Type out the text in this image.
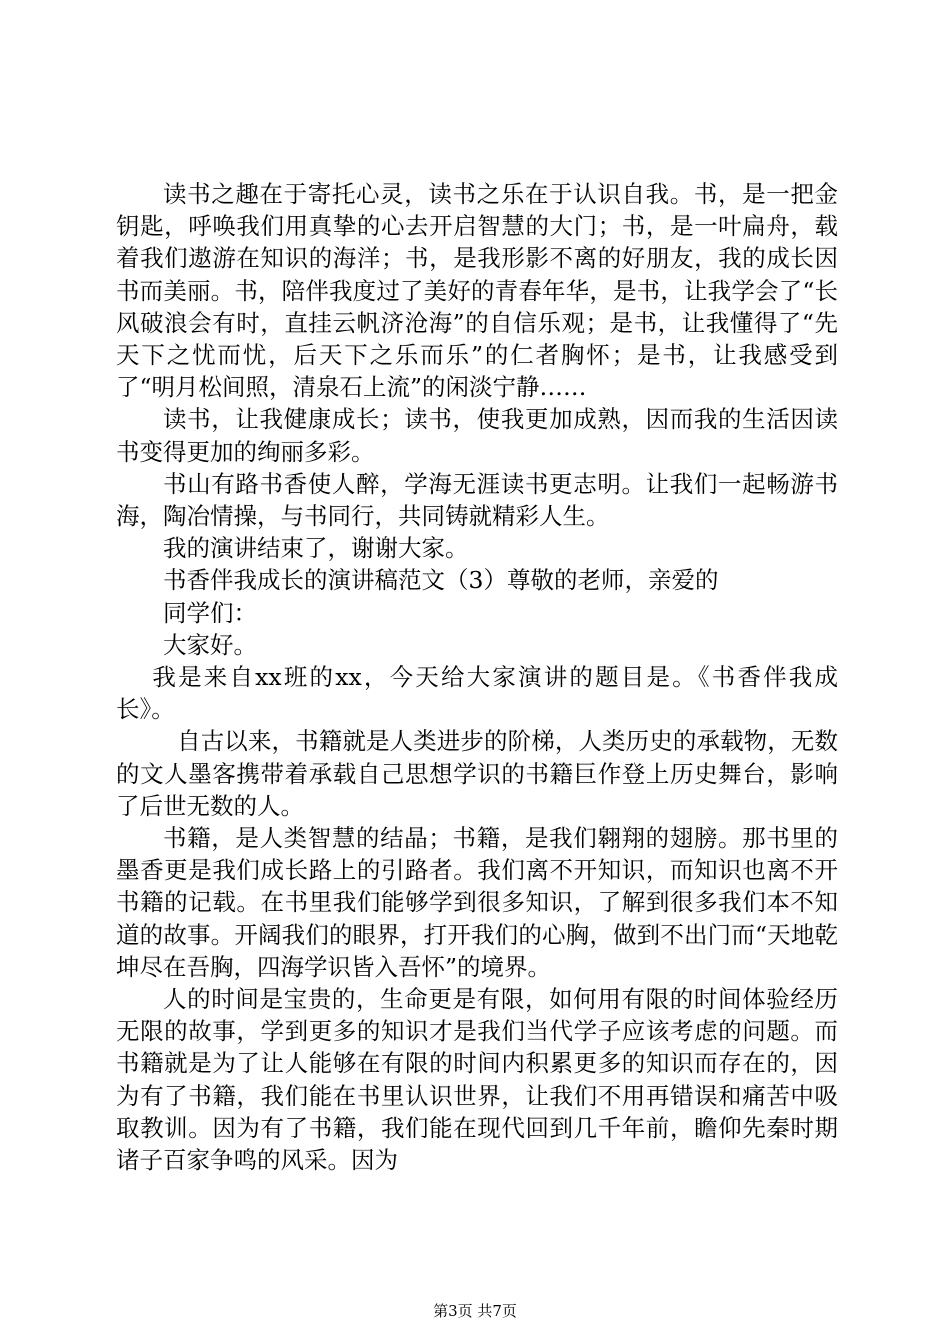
读书之趣在于寄托心灵，读书之乐在于认识自我。书，是一把金钥匙，呼唤我们用真挚的心去开启智慧的大门；书，是一叶扁舟，载着我们遨游在知识的海洋；书，是我形影不离的好朋友，我的成长因书而美丽。书，陪伴我度过了美好的青春年华，是书，让我学会了“长风破浪会有时，直挂云帆济沧海”的自信乐观；是书，让我懂得了“先天下之忧而忧，后天下之乐而乐”的仁者胸怀；是书，让我感受到了“明月松间照，清泉石上流”的闲淡宁静……

读书，让我健康成长；读书，使我更加成熟，因而我的生活因读书变得更加的绚丽多彩。

书山有路书香使人醉，学海无涯读书更志明。让我们一起畅游书海，陶冶情操，与书同行，共同铸就精彩人生。

我的演讲结束了，谢谢大家。

书香伴我成长的演讲稿范文（3）尊敬的老师，亲爱的

同学们：

大家好。

我是来自xx班的xx，今天给大家演讲的题目是。《书香伴我成长》。

自古以来，书籍就是人类进步的阶梯，人类历史的承载物，无数的文人墨客携带着承载自己思想学识的书籍巨作登上历史舞台，影响了后世无数的人。

书籍，是人类智慧的结晶；书籍，是我们翱翔的翅膀。那书里的墨香更是我们成长路上的引路者。我们离不开知识，而知识也离不开书籍的记载。在书里我们能够学到很多知识，了解到很多我们本不知道的故事。开阔我们的眼界，打开我们的心胸，做到不出门而“天地乾坤尽在吾胸，四海学识皆入吾怀”的境界。

人的时间是宝贵的，生命更是有限，如何用有限的时间体验经历无限的故事，学到更多的知识才是我们当代学子应该考虑的问题。而书籍就是为了让人能够在有限的时间内积累更多的知识而存在的，因为有了书籍，我们能在书里认识世界，让我们不用再错误和痛苦中吸取教训。因为有了书籍，我们能在现代回到几千年前，瞻仰先秦时期诸子百家争鸣的风采。因为

第3页 共7页
